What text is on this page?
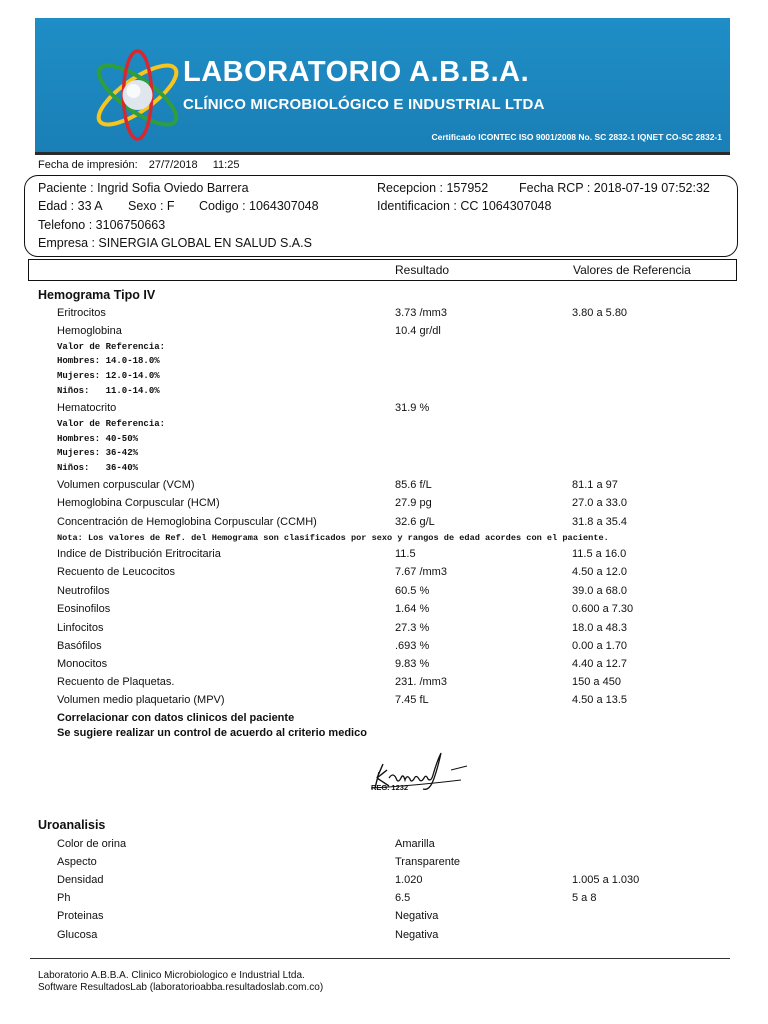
LABORATORIO A.B.B.A.
CLÍNICO MICROBIOLÓGICO E INDUSTRIAL LTDA
Certificado ICONTEC ISO 9001/2008 No. SC 2832-1 IQNET CO-SC 2832-1
Fecha de impresión: 27/7/2018 11:25
Paciente : Ingrid Sofia Oviedo Barrera
Edad : 33 A Sexo : F Codigo : 1064307048
Telefono : 3106750663
Empresa : SINERGIA GLOBAL EN SALUD S.A.S
Recepcion : 157952 Fecha RCP : 2018-07-19 07:52:32
Identificacion : CC 1064307048
Resultado	Valores de Referencia
Hemograma Tipo IV
Eritrocitos	3.73 /mm3	3.80 a 5.80
Hemoglobina	10.4 gr/dl
Valor de Referencia:
Hombres: 14.0-18.0%
Mujeres: 12.0-14.0%
Niños:   11.0-14.0%
Hematocrito	31.9 %
Valor de Referencia:
Hombres: 40-50%
Mujeres: 36-42%
Niños:   36-40%
Volumen corpuscular (VCM)	85.6 f/L	81.1 a 97
Hemoglobina Corpuscular (HCM)	27.9 pg	27.0 a 33.0
Concentración de Hemoglobina Corpuscular (CCMH)	32.6 g/L	31.8 a 35.4
Nota: Los valores de Ref. del Hemograma son clasificados por sexo y rangos de edad acordes con el paciente.
Indice de Distribución Eritrocitaria	11.5	11.5 a 16.0
Recuento de Leucocitos	7.67 /mm3	4.50 a 12.0
Neutrofilos	60.5 %	39.0 a 68.0
Eosinofilos	1.64 %	0.600 a 7.30
Linfocitos	27.3 %	18.0 a 48.3
Basófilos	.693 %	0.00 a 1.70
Monocitos	9.83 %	4.40 a 12.7
Recuento de Plaquetas.	231. /mm3	150 a 450
Volumen medio plaquetario (MPV)	7.45 fL	4.50 a 13.5
Correlacionar con datos clinicos del paciente
Se sugiere realizar un control de acuerdo al criterio medico
REG. 1232
Uroanalisis
Color de orina	Amarilla
Aspecto	Transparente
Densidad	1.020	1.005 a 1.030
Ph	6.5	5 a 8
Proteinas	Negativa
Glucosa	Negativa
Laboratorio A.B.B.A. Clinico Microbiologico e Industrial Ltda.
Software ResultadosLab (laboratorioabba.resultadoslab.com.co)
